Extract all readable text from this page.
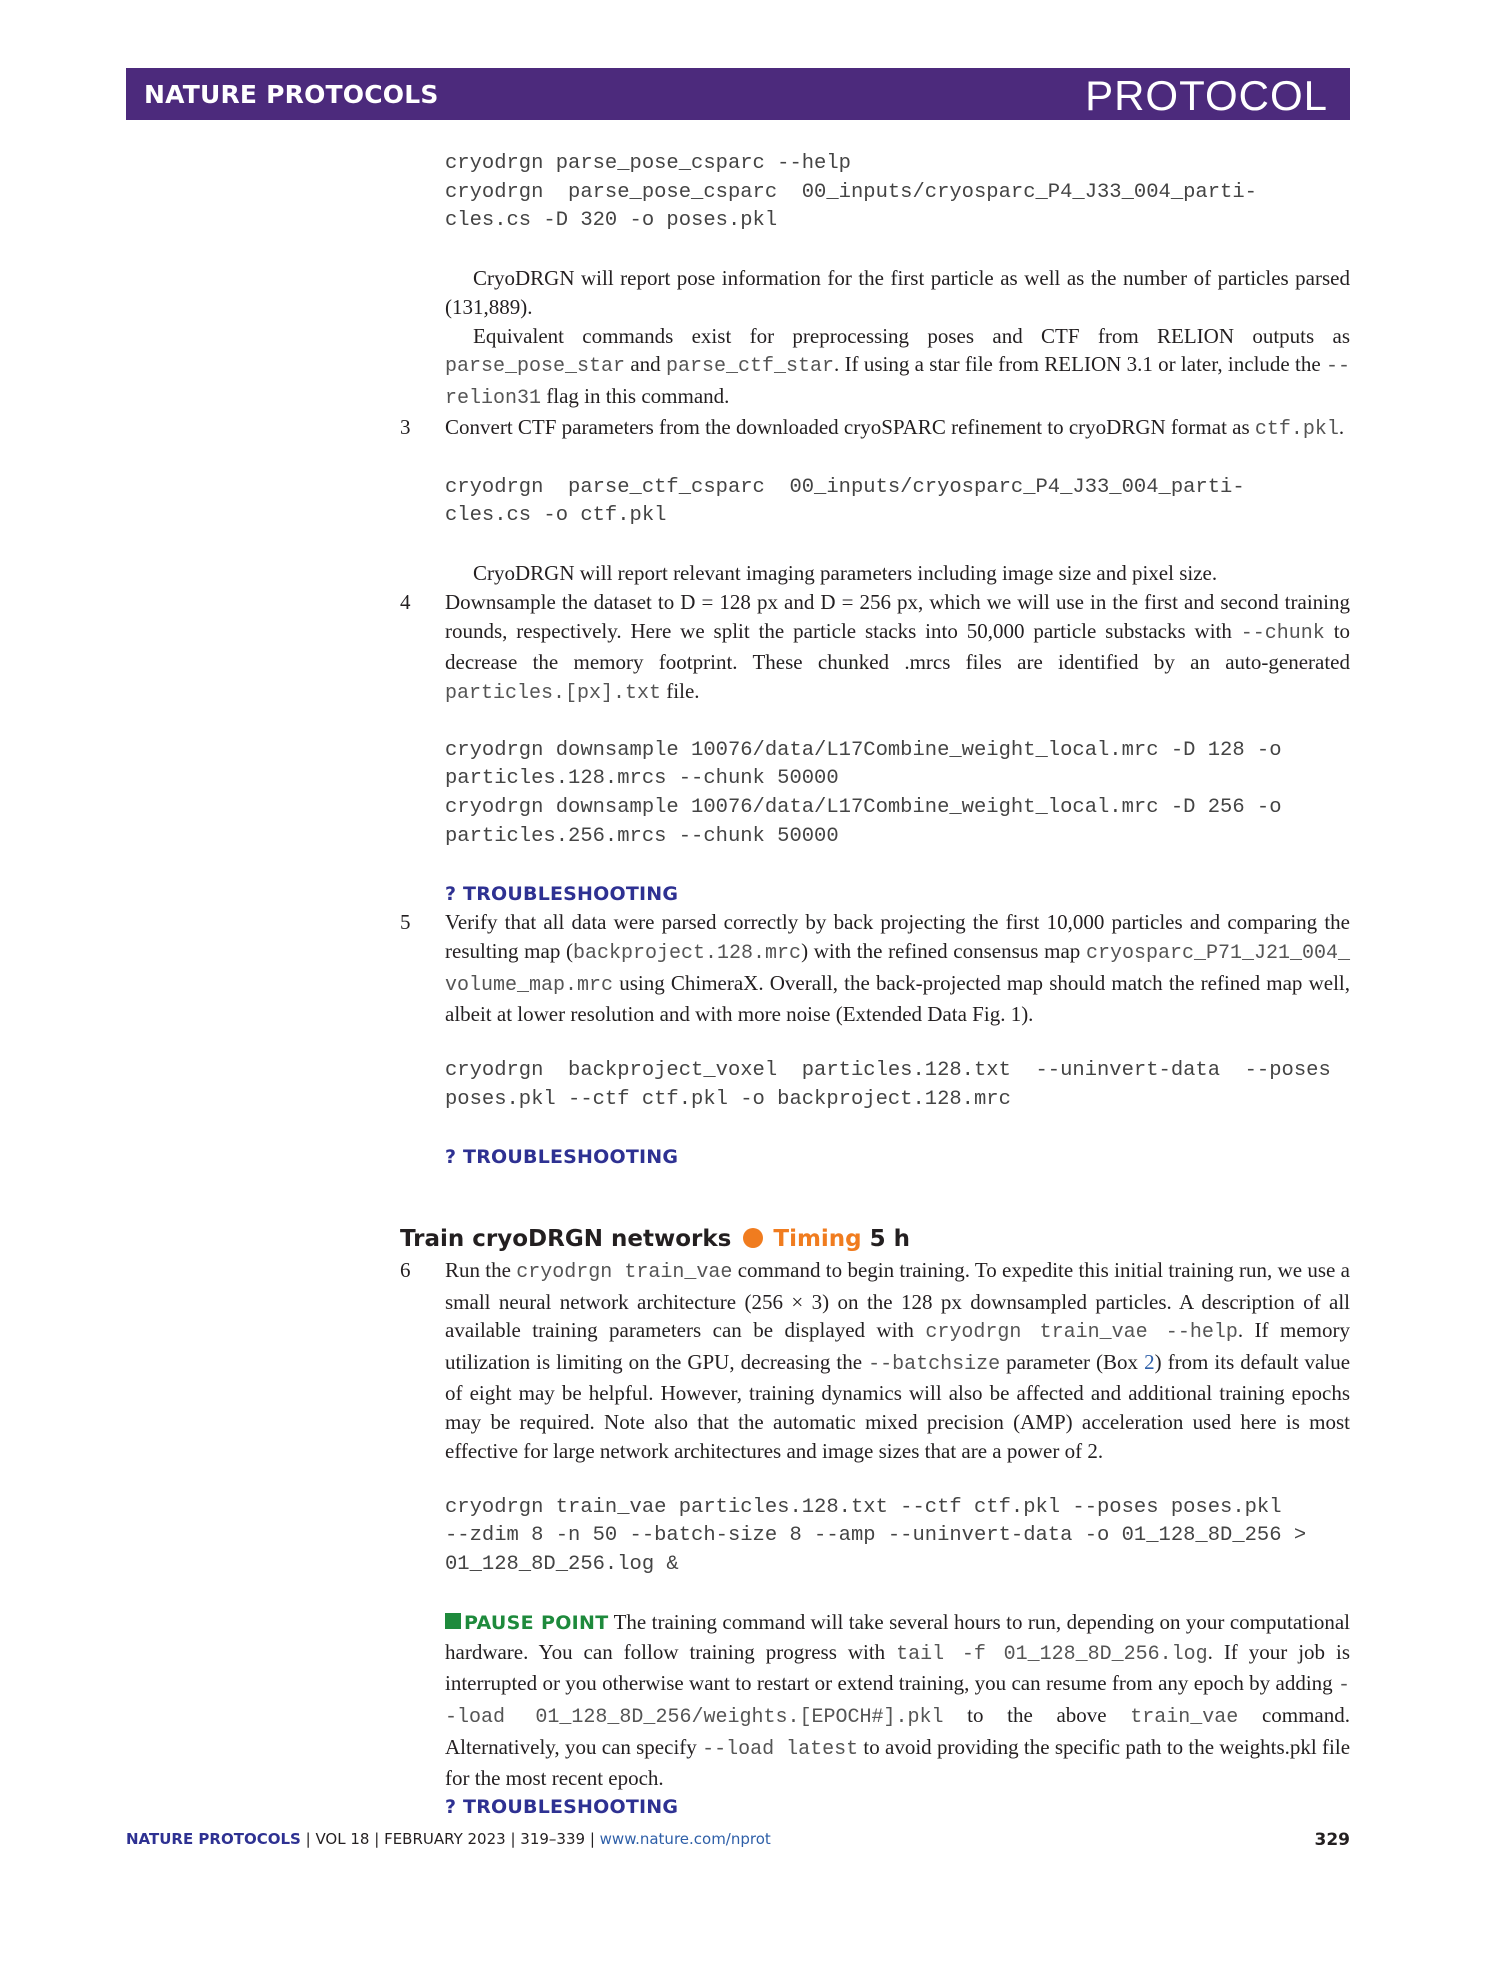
NATURE PROTOCOLS	PROTOCOL
cryodrgn parse_pose_csparc --help
cryodrgn  parse_pose_csparc  00_inputs/cryosparc_P4_J33_004_parti-
cles.cs -D 320 -o poses.pkl

CryoDRGN will report pose information for the first particle as well as the number of particles parsed (131,889).

Equivalent commands exist for preprocessing poses and CTF from RELION outputs as parse_pose_star and parse_ctf_star. If using a star file from RELION 3.1 or later, include the --relion31 flag in this command.

3 Convert CTF parameters from the downloaded cryoSPARC refinement to cryoDRGN format as ctf.pkl.

cryodrgn  parse_ctf_csparc  00_inputs/cryosparc_P4_J33_004_parti-
cles.cs -o ctf.pkl

CryoDRGN will report relevant imaging parameters including image size and pixel size.

4 Downsample the dataset to D = 128 px and D = 256 px, which we will use in the first and second training rounds, respectively. Here we split the particle stacks into 50,000 particle substacks with --chunk to decrease the memory footprint. These chunked .mrcs files are identified by an auto-generated particles.[px].txt file.

cryodrgn downsample 10076/data/L17Combine_weight_local.mrc -D 128 -o
particles.128.mrcs --chunk 50000
cryodrgn downsample 10076/data/L17Combine_weight_local.mrc -D 256 -o
particles.256.mrcs --chunk 50000

? TROUBLESHOOTING

5 Verify that all data were parsed correctly by back projecting the first 10,000 particles and comparing the resulting map (backproject.128.mrc) with the refined consensus map cryosparc_P71_J21_004_volume_map.mrc using ChimeraX. Overall, the back-projected map should match the refined map well, albeit at lower resolution and with more noise (Extended Data Fig. 1).

cryodrgn  backproject_voxel  particles.128.txt  --uninvert-data  --poses
poses.pkl --ctf ctf.pkl -o backproject.128.mrc

? TROUBLESHOOTING

Train cryoDRGN networks Timing 5 h
6 Run the cryodrgn train_vae command to begin training. To expedite this initial training run, we use a small neural network architecture (256 × 3) on the 128 px downsampled particles. A description of all available training parameters can be displayed with cryodrgn train_vae --help. If memory utilization is limiting on the GPU, decreasing the --batchsize parameter (Box 2) from its default value of eight may be helpful. However, training dynamics will also be affected and additional training epochs may be required. Note also that the automatic mixed precision (AMP) acceleration used here is most effective for large network architectures and image sizes that are a power of 2.

cryodrgn train_vae particles.128.txt --ctf ctf.pkl --poses poses.pkl
--zdim 8 -n 50 --batch-size 8 --amp --uninvert-data -o 01_128_8D_256 >
01_128_8D_256.log &

PAUSE POINT The training command will take several hours to run, depending on your computational hardware. You can follow training progress with tail -f 01_128_8D_256.log. If your job is interrupted or you otherwise want to restart or extend training, you can resume from any epoch by adding --load 01_128_8D_256/weights.[EPOCH#].pkl to the above train_vae command. Alternatively, you can specify --load latest to avoid providing the specific path to the weights.pkl file for the most recent epoch.

? TROUBLESHOOTING

NATURE PROTOCOLS | VOL 18 | FEBRUARY 2023 | 319–339 | www.nature.com/nprot	329
